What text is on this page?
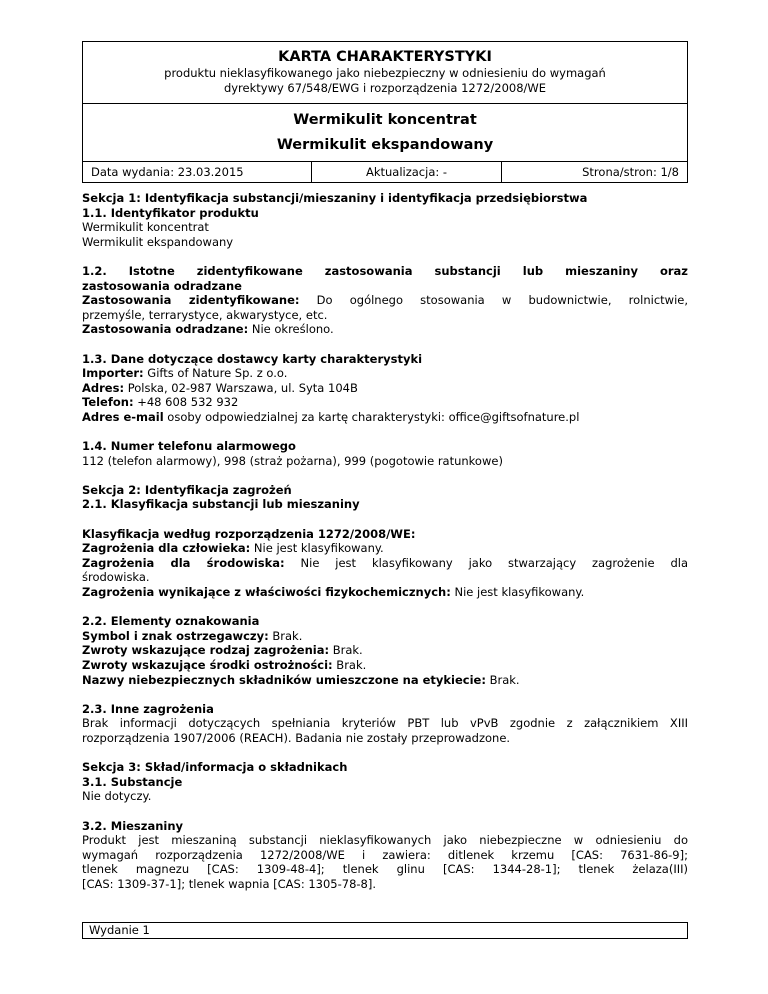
KARTA CHARAKTERYSTYKI
produktu nieklasyfikowanego jako niebezpieczny w odniesieniu do wymagań
dyrektywy 67/548/EWG i rozporządzenia 1272/2008/WE
Wermikulit koncentrat
Wermikulit ekspandowany
Data wydania: 23.03.2015	Aktualizacja: -	Strona/stron: 1/8

Sekcja 1: Identyfikacja substancji/mieszaniny i identyfikacja przedsiębiorstwa

1.1. Identyfikator produktu

Wermikulit koncentrat

Wermikulit ekspandowany

1.2. Istotne zidentyfikowane zastosowania substancji lub mieszaniny oraz

zastosowania odradzane

Zastosowania zidentyfikowane: Do ogólnego stosowania w budownictwie, rolnictwie,

przemyśle, terrarystyce, akwarystyce, etc.

Zastosowania odradzane: Nie określono.

1.3. Dane dotyczące dostawcy karty charakterystyki

Importer: Gifts of Nature Sp. z o.o.

Adres: Polska, 02-987 Warszawa, ul. Syta 104B

Telefon: +48 608 532 932

Adres e-mail osoby odpowiedzialnej za kartę charakterystyki: office@giftsofnature.pl

1.4. Numer telefonu alarmowego

112 (telefon alarmowy), 998 (straż pożarna), 999 (pogotowie ratunkowe)

Sekcja 2: Identyfikacja zagrożeń

2.1. Klasyfikacja substancji lub mieszaniny

Klasyfikacja według rozporządzenia 1272/2008/WE:

Zagrożenia dla człowieka: Nie jest klasyfikowany.

Zagrożenia dla środowiska: Nie jest klasyfikowany jako stwarzający zagrożenie dla

środowiska.

Zagrożenia wynikające z właściwości fizykochemicznych: Nie jest klasyfikowany.

2.2. Elementy oznakowania

Symbol i znak ostrzegawczy: Brak.

Zwroty wskazujące rodzaj zagrożenia: Brak.

Zwroty wskazujące środki ostrożności: Brak.

Nazwy niebezpiecznych składników umieszczone na etykiecie: Brak.

2.3. Inne zagrożenia

Brak informacji dotyczących spełniania kryteriów PBT lub vPvB zgodnie z załącznikiem XIII

rozporządzenia 1907/2006 (REACH). Badania nie zostały przeprowadzone.

Sekcja 3: Skład/informacja o składnikach

3.1. Substancje

Nie dotyczy.

3.2. Mieszaniny

Produkt jest mieszaniną substancji nieklasyfikowanych jako niebezpieczne w odniesieniu do

wymagań rozporządzenia 1272/2008/WE i zawiera: ditlenek krzemu [CAS: 7631-86-9];

tlenek magnezu [CAS: 1309-48-4]; tlenek glinu [CAS: 1344-28-1]; tlenek żelaza(III)

[CAS: 1309-37-1]; tlenek wapnia [CAS: 1305-78-8].

Wydanie 1
